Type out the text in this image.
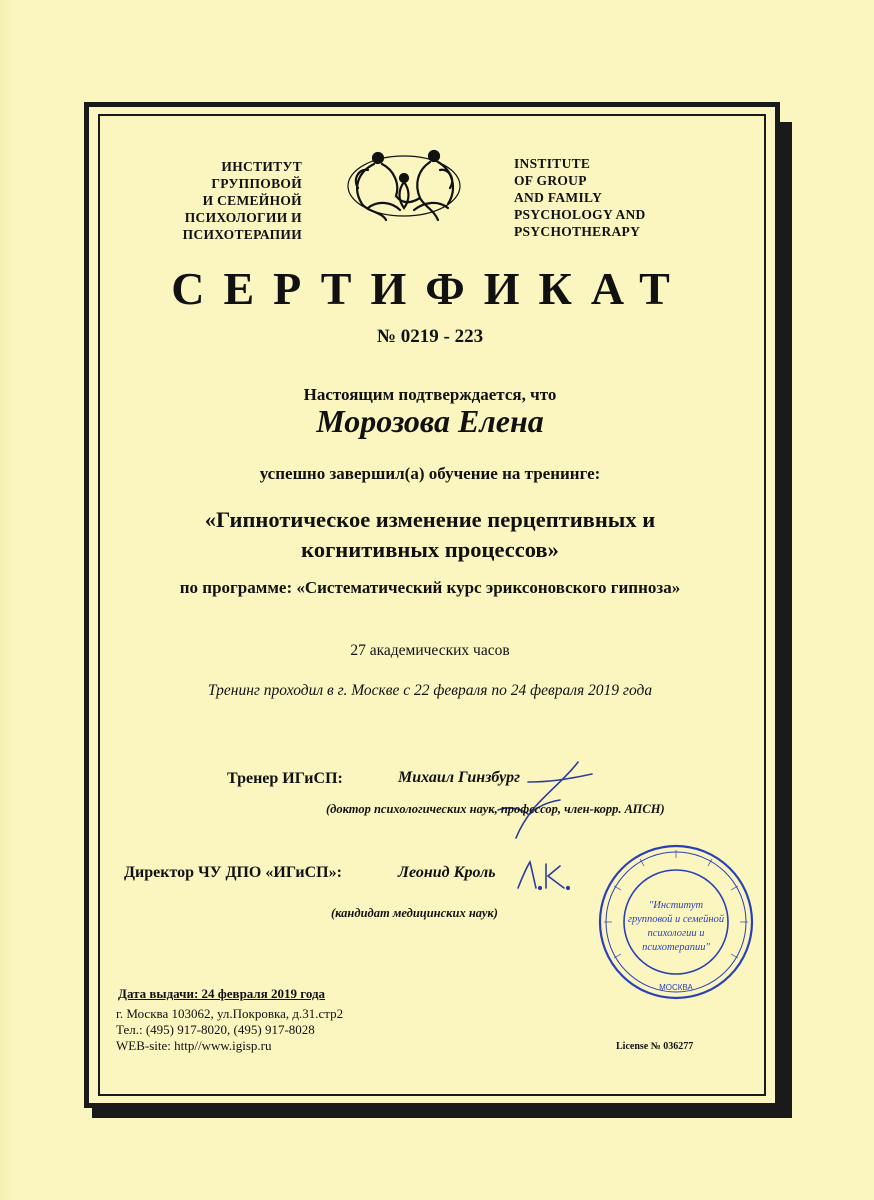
ИНСТИТУТ
ГРУППОВОЙ
И СЕМЕЙНОЙ
ПСИХОЛОГИИ И
ПСИХОТЕРАПИИ
INSTITUTE
OF GROUP
AND FAMILY
PSYCHOLOGY AND
PSYCHOTHERAPY
СЕРТИФИКАТ
№ 0219 - 223
Настоящим подтверждается, что
Морозова Елена
успешно завершил(а) обучение на тренинге:
«Гипнотическое изменение перцептивных и
когнитивных процессов»
по программе: «Систематический курс эриксоновского гипноза»
27 академических часов
Тренинг проходил в г. Москве с 22 февраля по 24 февраля 2019 года
Тренер ИГиСП:	Михаил Гинзбург
(доктор психологических наук, профессор, член-корр. АПСН)
Директор ЧУ ДПО «ИГиСП»:	Леонид Кроль
(кандидат медицинских наук)
"Институт
групповой и семейной
психологии и
психотерапии"
МОСКВА
Дата выдачи: 24 февраля 2019 года
г. Москва 103062, ул.Покровка, д.31.стр2
Тел.: (495) 917-8020, (495) 917-8028
WEB-site: http//www.igisp.ru	License № 036277
